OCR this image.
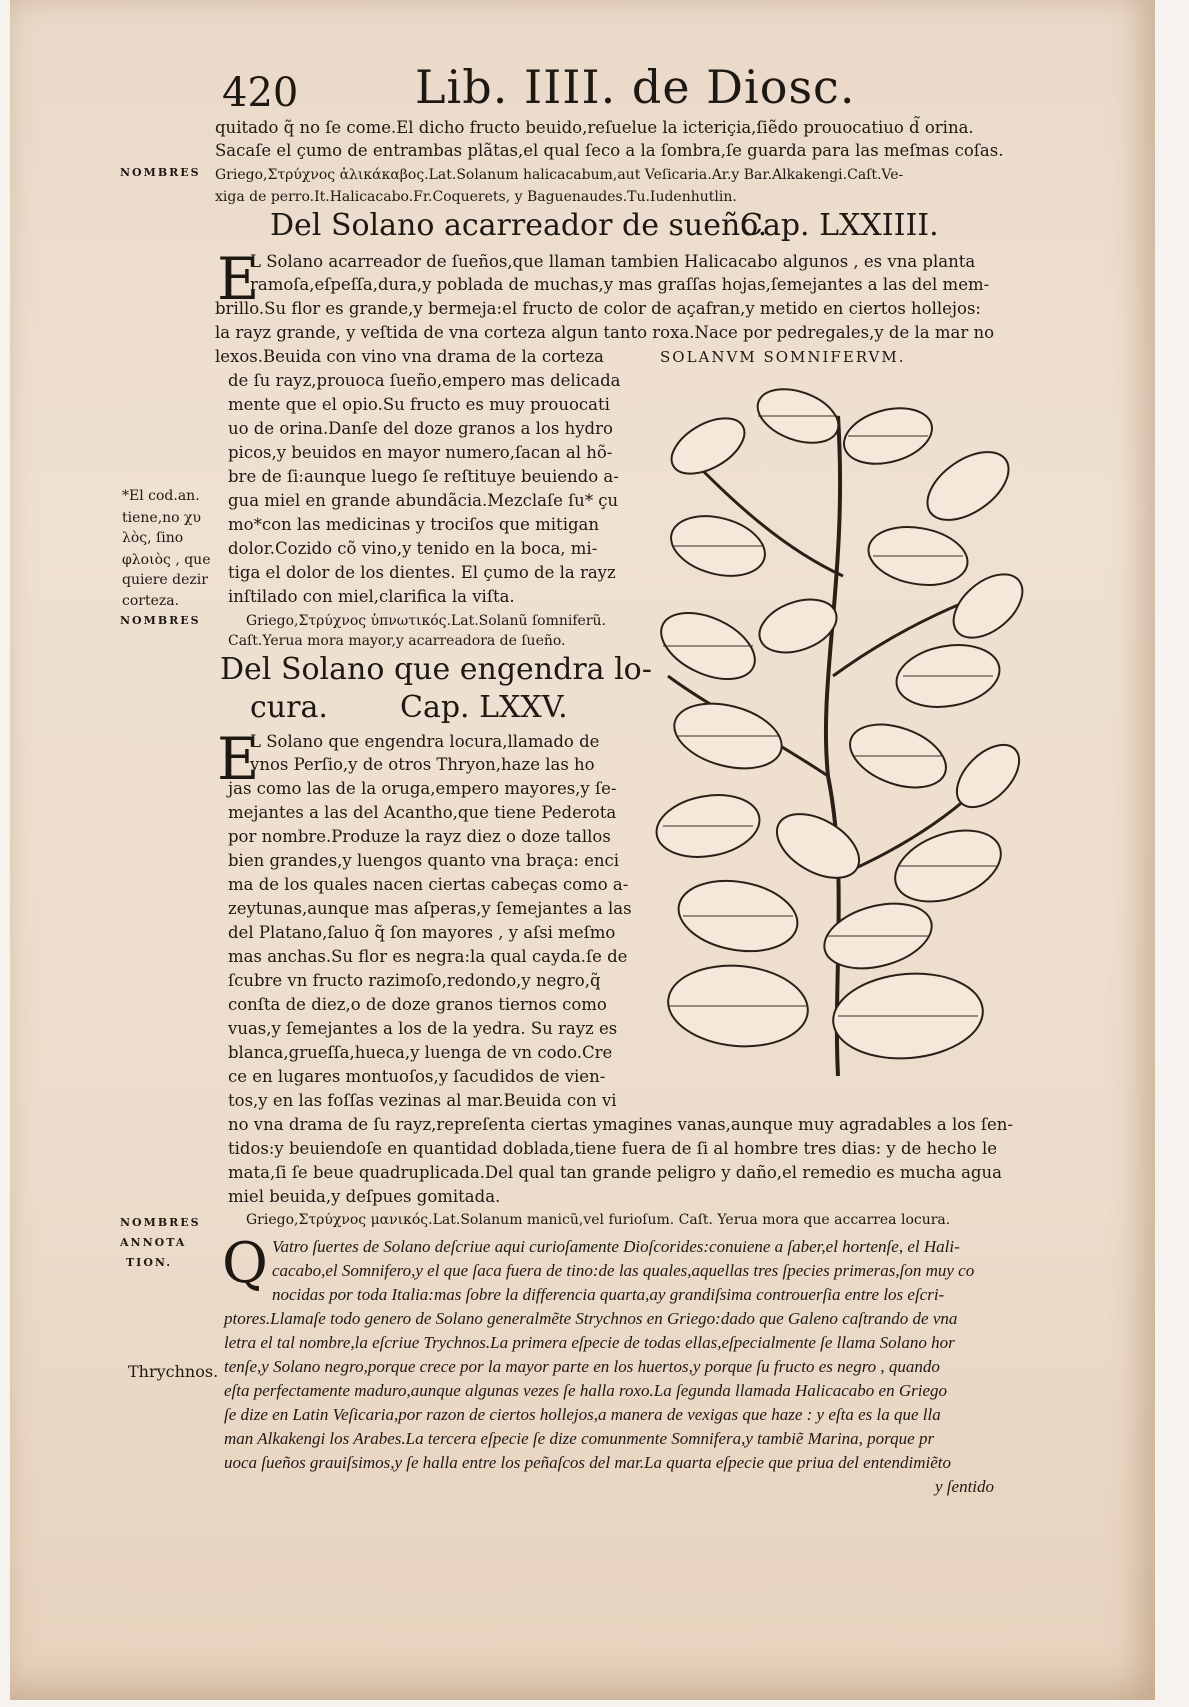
420	Lib. IIII. de Diosc.
quitado q̃ no ſe come.El dicho fructo beuido,reſuelue la icteriçia,ſiẽdo prouocatiuo d̃ orina.
Sacaſe el çumo de entrambas plãtas,el qual ſeco a la ſombra,ſe guarda para las meſmas coſas.
Griego,Στρύχνος ἁλικάκαβος.Lat.Solanum halicacabum,aut Veſicaria.Ar.y Bar.Alkakengi.Caſt.Ve-
xiga de perro.It.Halicacabo.Fr.Coquerets, y Baguenaudes.Tu.Iudenhutlin.
NOMBRES
Del Solano acarreador de sueño.
Cap. LXXIIII.
E
L Solano acarreador de ſueños,que llaman tambien Halicacabo algunos , es vna planta
ramoſa,eſpeſſa,dura,y poblada de muchas,y mas graſſas hojas,ſemejantes a las del mem-
brillo.Su flor es grande,y bermeja:el fructo de color de açafran,y metido en ciertos hollejos:
la rayz grande, y veſtida de vna corteza algun tanto roxa.Nace por pedregales,y de la mar no
lexos.Beuida con vino vna drama de la corteza	SOLANVM SOMNIFERVM.
de ſu rayz,prouoca ſueño,empero mas delicada
mente que el opio.Su fructo es muy prouocati
uo de orina.Danſe del doze granos a los hydro
picos,y beuidos en mayor numero,ſacan al hõ-
bre de ſi:aunque luego ſe reſtituye beuiendo a-
gua miel en grande abundãcia.Mezclaſe ſu* çu
mo*con las medicinas y trociſos que mitigan
dolor.Cozido cõ vino,y tenido en la boca, mi-
tiga el dolor de los dientes. El çumo de la rayz
inſtilado con miel,clarifica la viſta.
Griego,Στρύχνος ὑπνωτικός.Lat.Solanũ ſomniferũ.
Caſt.Yerua mora mayor,y acarreadora de ſueño.
*El cod.an.
tiene,no χυ
λὸς, ſino
φλοιὸς , que
quiere dezir
corteza.
NOMBRES
Del Solano que engendra lo-
cura. Cap. LXXV.
E
L Solano que engendra locura,llamado de
vnos Perſio,y de otros Thryon,haze las ho
jas como las de la oruga,empero mayores,y ſe-
mejantes a las del Acantho,que tiene Pederota
por nombre.Produze la rayz diez o doze tallos
bien grandes,y luengos quanto vna braça: enci
ma de los quales nacen ciertas cabeças como a-
zeytunas,aunque mas aſperas,y ſemejantes a las
del Platano,ſaluo q̃ ſon mayores , y aſsi meſmo
mas anchas.Su flor es negra:la qual cayda.ſe de
ſcubre vn fructo razimoſo,redondo,y negro,q̃
conſta de diez,o de doze granos tiernos como
vuas,y ſemejantes a los de la yedra. Su rayz es
blanca,grueſſa,hueca,y luenga de vn codo.Cre
ce en lugares montuoſos,y ſacudidos de vien-
tos,y en las foſſas vezinas al mar.Beuida con vi
no vna drama de ſu rayz,repreſenta ciertas ymagines vanas,aunque muy agradables a los ſen-
tidos:y beuiendoſe en quantidad doblada,tiene fuera de ſi al hombre tres dias: y de hecho le
mata,ſi ſe beue quadruplicada.Del qual tan grande peligro y daño,el remedio es mucha agua
miel beuida,y deſpues gomitada.
Griego,Στρύχνος μανικός.Lat.Solanum manicũ,vel furioſum. Caſt. Yerua mora que accarrea locura.
NOMBRES
ANNOTA
TION. Q Vatro ſuertes de Solano deſcriue aqui curioſamente Dioſcorides:conuiene a ſaber,el hortenſe, el Hali-
cacabo,el Somnifero,y el que ſaca fuera de tino:de las quales,aquellas tres ſpecies primeras,ſon muy co
nocidas por toda Italia:mas ſobre la differencia quarta,ay grandiſsima controuerſia entre los eſcri-
ptores.Llamaſe todo genero de Solano generalmẽte Strychnos en Griego:dado que Galeno caſtrando de vna
letra el tal nombre,la eſcriue Trychnos.La primera eſpecie de todas ellas,eſpecialmente ſe llama Solano hor
tenſe,y Solano negro,porque crece por la mayor parte en los huertos,y porque ſu fructo es negro , quando
eſta perfectamente maduro,aunque algunas vezes ſe halla roxo.La ſegunda llamada Halicacabo en Griego
ſe dize en Latin Veſicaria,por razon de ciertos hollejos,a manera de vexigas que haze : y eſta es la que lla
man Alkakengi los Arabes.La tercera eſpecie ſe dize comunmente Somnifera,y tambiẽ Marina, porque pr
uoca ſueños grauiſsimos,y ſe halla entre los peñaſcos del mar.La quarta eſpecie que priua del entendimiẽto
y ſentido
Thrychnos.
